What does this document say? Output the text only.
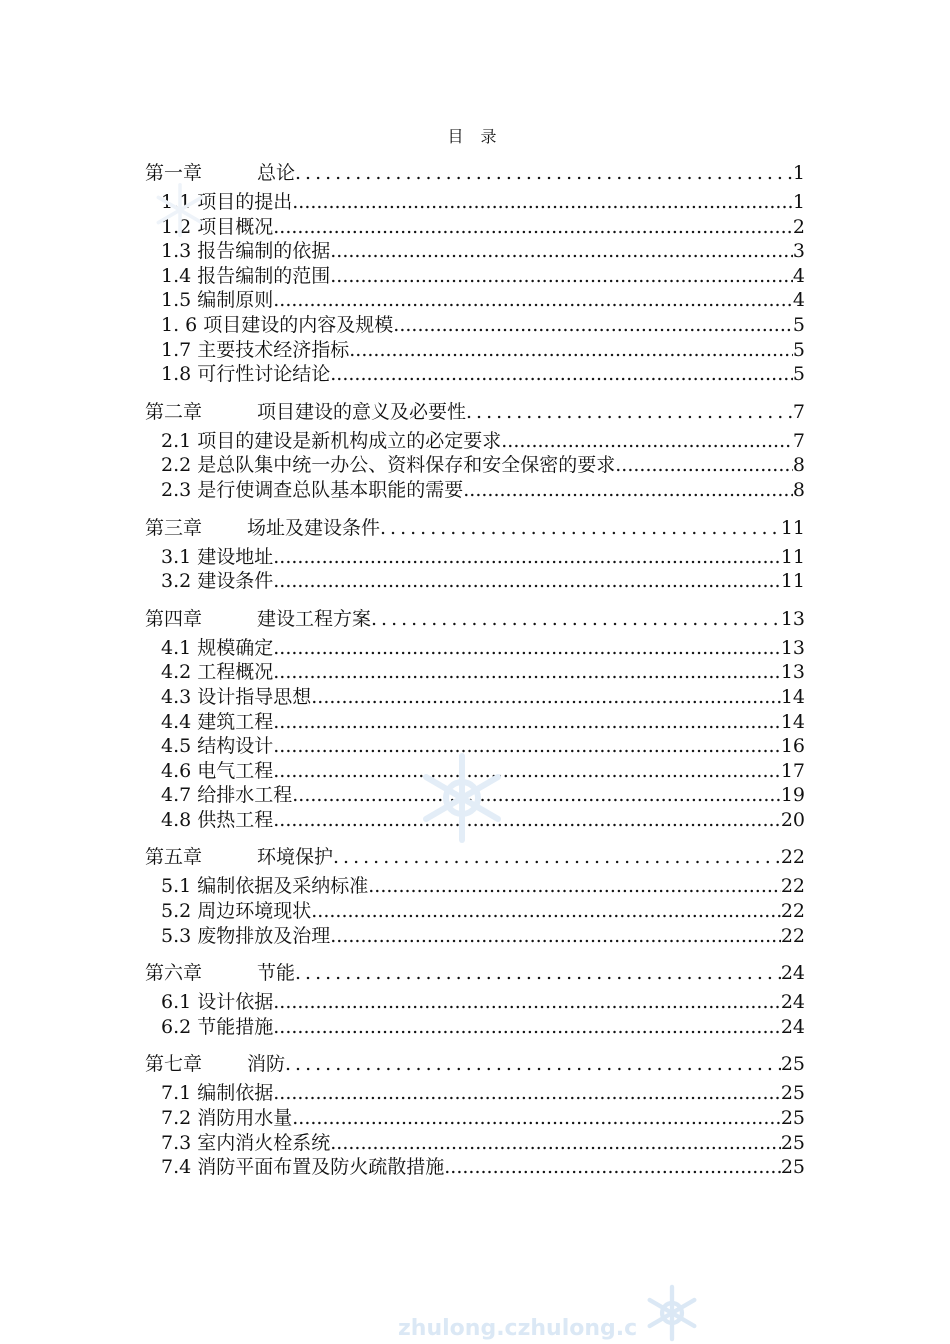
目 录
第一章	总论 .....	1
1.1 项目的提出 .....	1
1.2 项目概况 .....	2
1.3 报告编制的依据 .....	3
1.4 报告编制的范围 .....	4
1.5 编制原则 .....	4
1. 6 项目建设的内容及规模 .....	5
1.7 主要技术经济指标 .....	5
1.8 可行性讨论结论 .....	5
第二章	项目建设的意义及必要性 .....	7
2.1 项目的建设是新机构成立的必定要求 .....	7
2.2 是总队集中统一办公、资料保存和安全保密的要求 .....	8
2.3 是行使调查总队基本职能的需要 .....	8
第三章 场址及建设条件 .....	11
3.1 建设地址 .....	11
3.2 建设条件 .....	11
第四章	建设工程方案 .....	13
4.1 规模确定 .....	13
4.2 工程概况 .....	13
4.3 设计指导思想 .....	14
4.4 建筑工程 .....	14
4.5 结构设计 .....	16
4.6 电气工程 .....	17
4.7 给排水工程 .....	19
4.8 供热工程 .....	20
第五章	环境保护 .....	22
5.1 编制依据及采纳标准 .....	22
5.2 周边环境现状 .....	22
5.3 废物排放及治理 .....	22
第六章	节能 .....	24
6.1 设计依据 .....	24
6.2 节能措施 .....	24
第七章 消防 .....	25
7.1 编制依据 .....	25
7.2 消防用水量 .....	25
7.3 室内消火栓系统 .....	25
7.4 消防平面布置及防火疏散措施 .....	25
zhulong.czhulong.c
